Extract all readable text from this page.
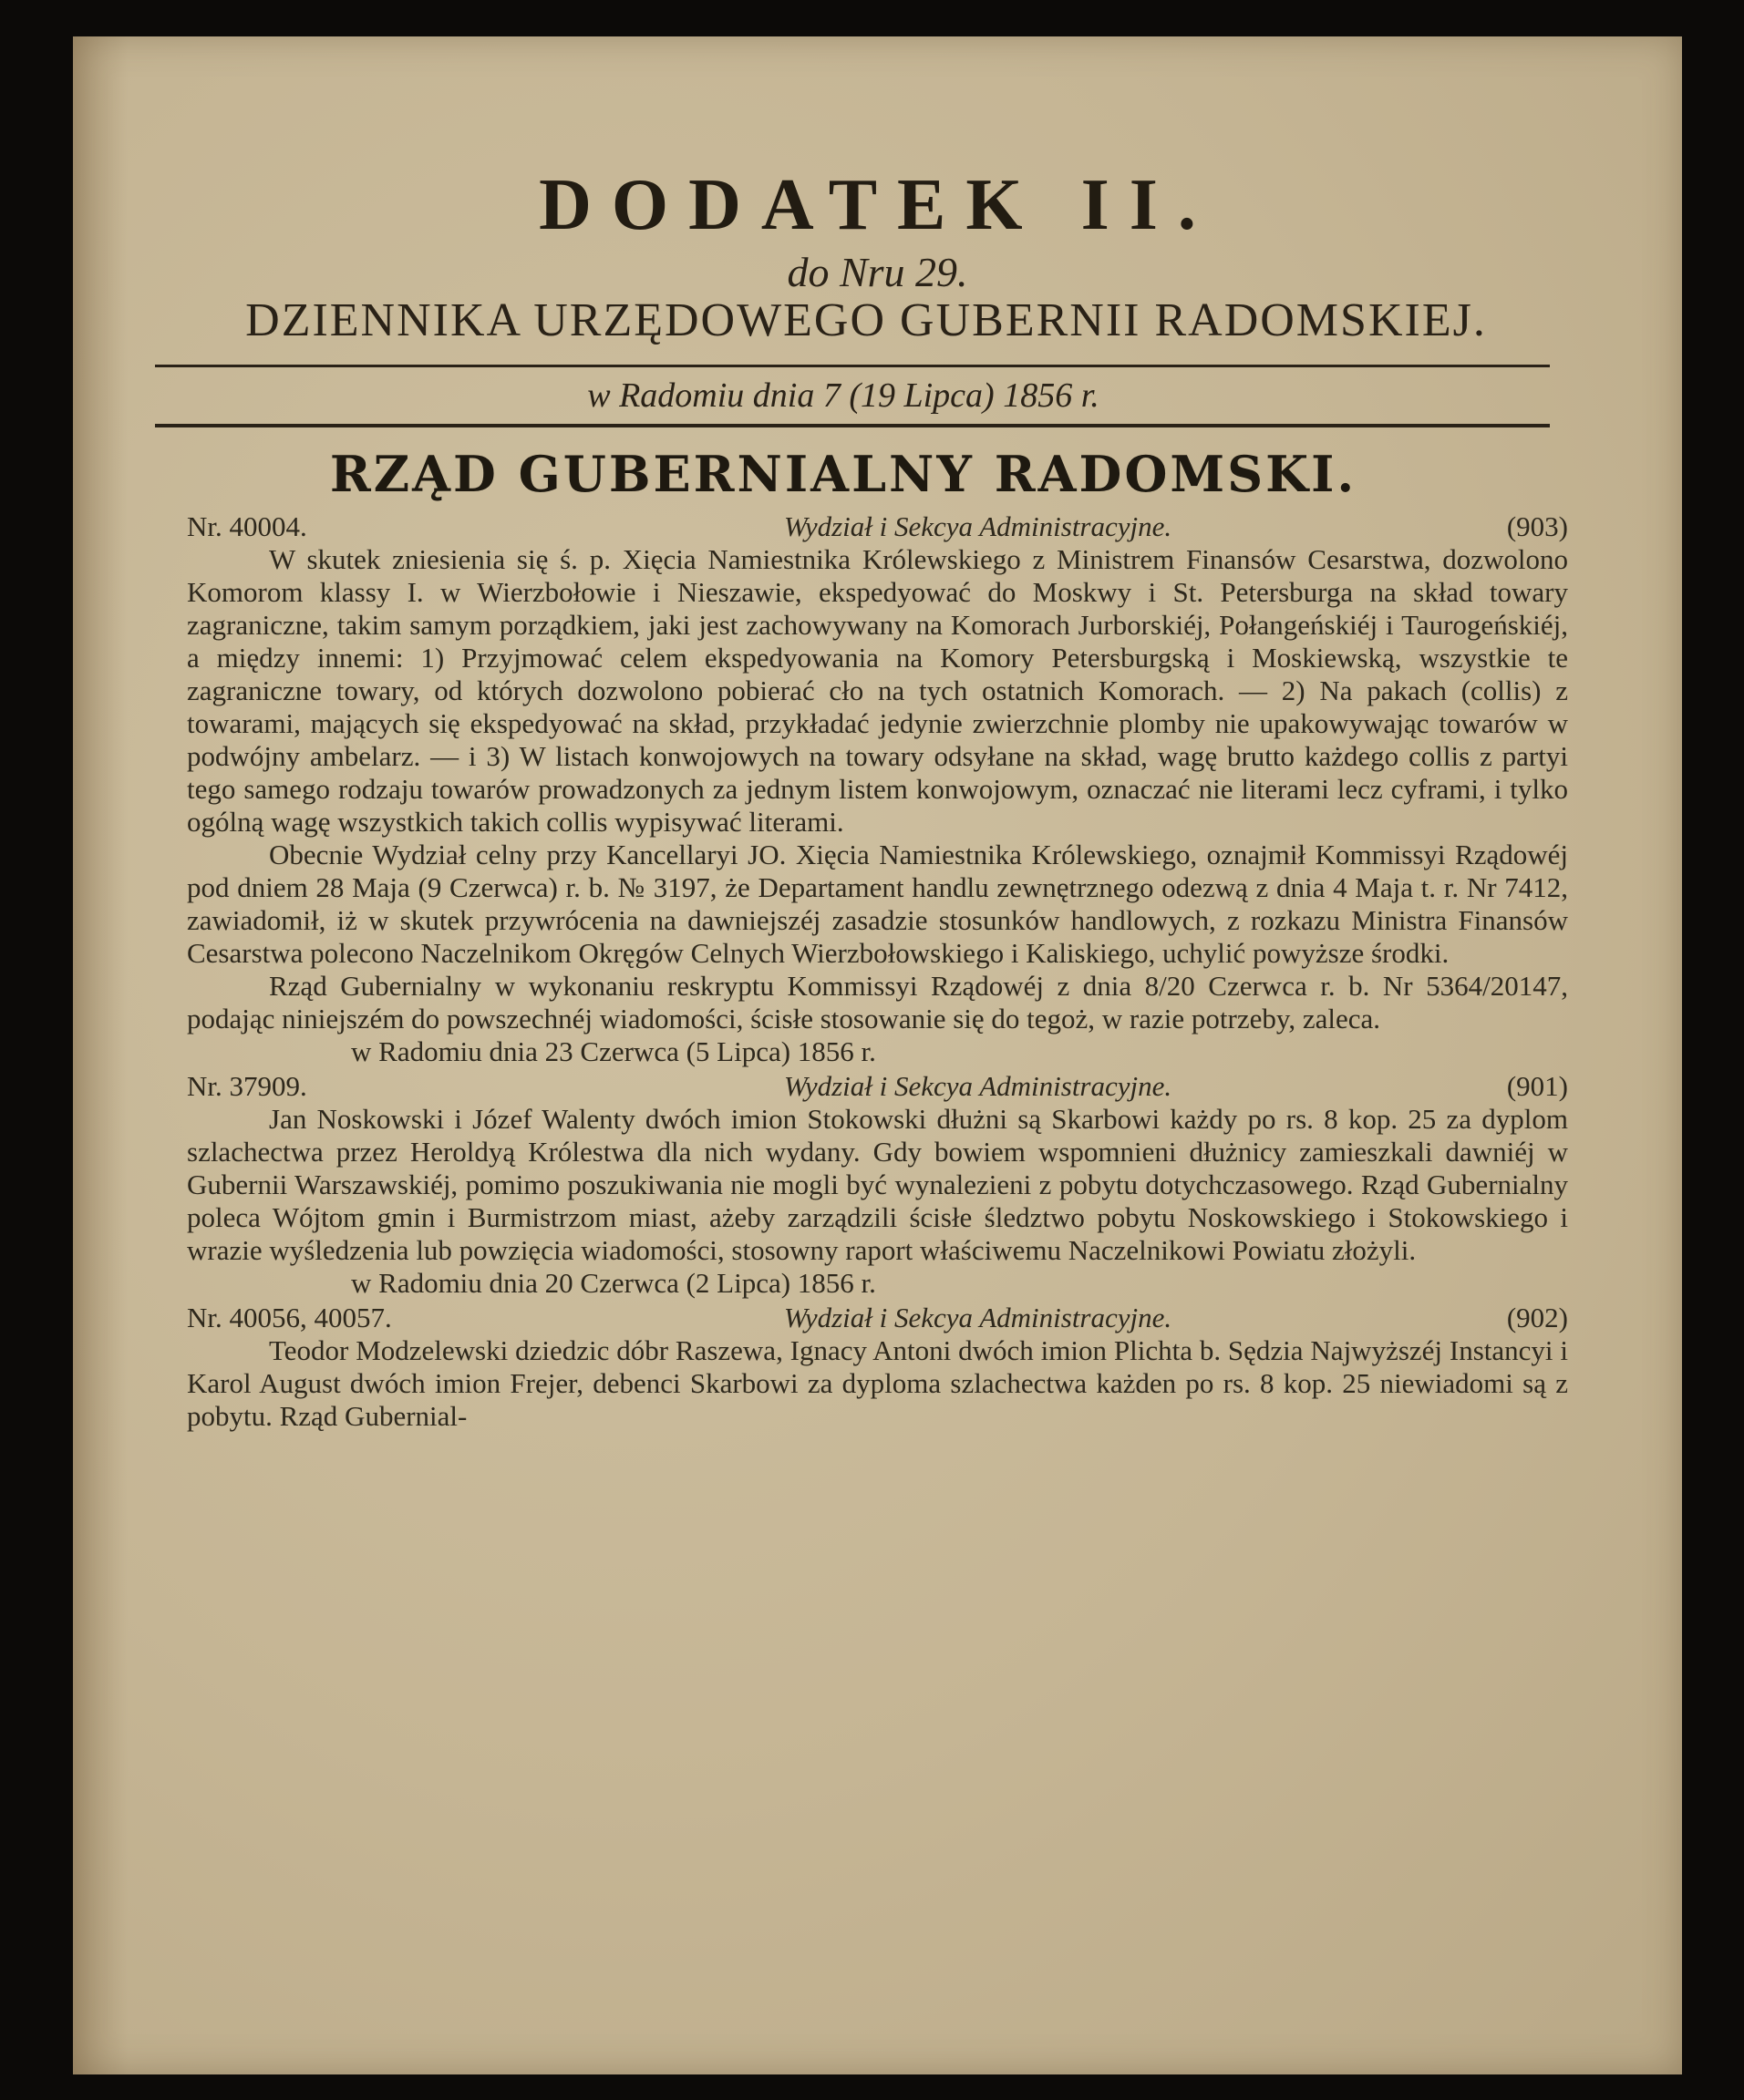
DODATEK II.
do Nru 29.
DZIENNIKA URZĘDOWEGO GUBERNII RADOMSKIEJ.
w Radomiu dnia 7 (19 Lipca) 1856 r.
RZĄD GUBERNIALNY RADOMSKI.
Nr. 40004.	Wydział i Sekcya Administracyjne.	(903)

W skutek zniesienia się ś. p. Xięcia Namiestnika Królewskiego z Ministrem Finansów Cesarstwa, dozwolono Komorom klassy I. w Wierzbołowie i Nieszawie, ekspedyować do Moskwy i St. Petersburga na skład towary zagraniczne, takim samym porządkiem, jaki jest zachowywany na Komorach Jurborskiéj, Połangeńskiéj i Taurogeńskiéj, a między innemi: 1) Przyjmować celem ekspedyowania na Komory Petersburgską i Moskiewską, wszystkie te zagraniczne towary, od których dozwolono pobierać cło na tych ostatnich Komorach. — 2) Na pakach (collis) z towarami, mających się ekspedyować na skład, przykładać jedynie zwierzchnie plomby nie upakowywając towarów w podwójny ambelarz. — i 3) W listach konwojowych na towary odsyłane na skład, wagę brutto każdego collis z partyi tego samego rodzaju towarów prowadzonych za jednym listem konwojowym, oznaczać nie literami lecz cyframi, i tylko ogólną wagę wszystkich takich collis wypisywać literami.

Obecnie Wydział celny przy Kancellaryi JO. Xięcia Namiestnika Królewskiego, oznajmił Kommissyi Rządowéj pod dniem 28 Maja (9 Czerwca) r. b. № 3197, że Departament handlu zewnętrznego odezwą z dnia 4 Maja t. r. Nr 7412, zawiadomił, iż w skutek przywrócenia na dawniejszéj zasadzie stosunków handlowych, z rozkazu Ministra Finansów Cesarstwa polecono Naczelnikom Okręgów Celnych Wierzbołowskiego i Kaliskiego, uchylić powyższe środki.

Rząd Gubernialny w wykonaniu reskryptu Kommissyi Rządowéj z dnia 8/20 Czerwca r. b. Nr 5364/20147, podając niniejszém do powszechnéj wiadomości, ścisłe stosowanie się do tegoż, w razie potrzeby, zaleca.

w Radomiu dnia 23 Czerwca (5 Lipca) 1856 r.

Nr. 37909.	Wydział i Sekcya Administracyjne.	(901)

Jan Noskowski i Józef Walenty dwóch imion Stokowski dłużni są Skarbowi każdy po rs. 8 kop. 25 za dyplom szlachectwa przez Heroldyą Królestwa dla nich wydany. Gdy bowiem wspomnieni dłużnicy zamieszkali dawniéj w Gubernii Warszawskiéj, pomimo poszukiwania nie mogli być wynalezieni z pobytu dotychczasowego. Rząd Gubernialny poleca Wójtom gmin i Burmistrzom miast, ażeby zarządzili ścisłe śledztwo pobytu Noskowskiego i Stokowskiego i wrazie wyśledzenia lub powzięcia wiadomości, stosowny raport właściwemu Naczelnikowi Powiatu złożyli.

w Radomiu dnia 20 Czerwca (2 Lipca) 1856 r.

Nr. 40056, 40057.	Wydział i Sekcya Administracyjne.	(902)

Teodor Modzelewski dziedzic dóbr Raszewa, Ignacy Antoni dwóch imion Plichta b. Sędzia Najwyższéj Instancyi i Karol August dwóch imion Frejer, debenci Skarbowi za dyploma szlachectwa każden po rs. 8 kop. 25 niewiadomi są z pobytu. Rząd Gubernial-
